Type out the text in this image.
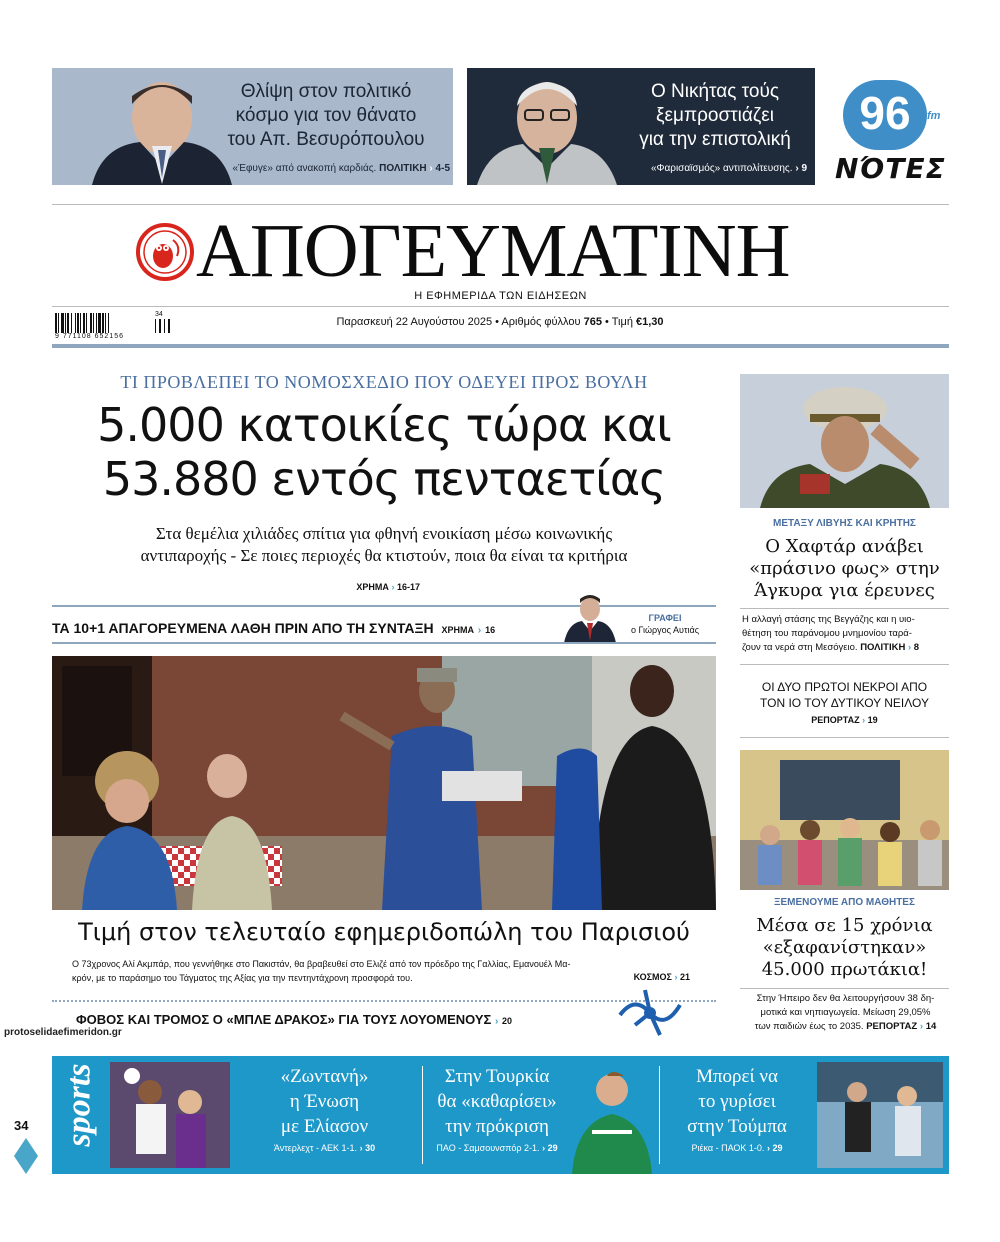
Θλίψη στον πολιτικό
κόσμο για τον θάνατο
του Απ. Βεσυρόπουλου
«Έφυγε» από ανακοπή καρδιάς. ΠΟΛΙΤΙΚΗ › 4-5
Ο Νικήτας τούς
ξεμπροστιάζει
για την επιστολική
«Φαρισαϊσμός» αντιπολίτευσης. › 9
96	fm
ΝΌΤΕΣ
ΑΠΟΓΕΥΜΑΤΙΝΗ
Η ΕΦΗΜΕΡΙΔΑ ΤΩΝ ΕΙΔΗΣΕΩΝ
9 771108 652156
34
Παρασκευή 22 Αυγούστου 2025 • Αριθμός φύλλου 765 • Τιμή €1,30
ΤΙ ΠΡΟΒΛΕΠΕΙ ΤΟ ΝΟΜΟΣΧΕΔΙΟ ΠΟΥ ΟΔΕΥΕΙ ΠΡΟΣ ΒΟΥΛΗ
5.000 κατοικίες τώρα και
53.880 εντός πενταετίας
Στα θεμέλια χιλιάδες σπίτια για φθηνή ενοικίαση μέσω κοινωνικής
αντιπαροχής - Σε ποιες περιοχές θα κτιστούν, ποια θα είναι τα κριτήρια
ΧΡΗΜΑ › 16-17
ΤΑ 10+1 ΑΠΑΓΟΡΕΥΜΕΝΑ ΛΑΘΗ ΠΡΙΝ ΑΠΟ ΤΗ ΣΥΝΤΑΞΗ ΧΡΗΜΑ › 16
ΓΡΑΦΕΙ
ο Γιώργος Αυτιάς
Τιμή στον τελευταίο εφημεριδοπώλη του Παρισιού
Ο 73χρονος Αλί Ακμπάρ, που γεννήθηκε στο Πακιστάν, θα βραβευθεί στο Ελιζέ από τον πρόεδρο της Γαλλίας, Εμανουέλ Μα-
κρόν, με το παράσημο του Τάγματος της Αξίας για την πεντηντάχρονη προσφορά του.	ΚΟΣΜΟΣ › 21
ΦΟΒΟΣ ΚΑΙ ΤΡΟΜΟΣ Ο «ΜΠΛΕ ΔΡΑΚΟΣ» ΓΙΑ ΤΟΥΣ ΛΟΥΟΜΕΝΟΥΣ › 20
ΜΕΤΑΞΥ ΛΙΒΥΗΣ ΚΑΙ ΚΡΗΤΗΣ
Ο Χαφτάρ ανάβει
«πράσινο φως» στην
Άγκυρα για έρευνες
Η αλλαγή στάσης της Βεγγάζης και η υιο-
θέτηση του παράνομου μνημονίου ταρά-
ζουν τα νερά στη Μεσόγειο. ΠΟΛΙΤΙΚΗ › 8
ΟΙ ΔΥΟ ΠΡΩΤΟΙ ΝΕΚΡΟΙ ΑΠΟ
ΤΟΝ ΙΟ ΤΟΥ ΔΥΤΙΚΟΥ ΝΕΙΛΟΥ
ΡΕΠΟΡΤΑΖ › 19
ΞΕΜΕΝΟΥΜΕ ΑΠΟ ΜΑΘΗΤΕΣ
Μέσα σε 15 χρόνια
«εξαφανίστηκαν»
45.000 πρωτάκια!
Στην Ήπειρο δεν θα λειτουργήσουν 38 δη-
μοτικά και νηπιαγωγεία. Μείωση 29,05%
των παιδιών έως το 2035. ΡΕΠΟΡΤΑΖ › 14
protoselidaefimeridon.gr
34 sports	«Ζωντανή»
η Ένωση
με Ελίασον
Άντερλεχτ - ΑΕΚ 1-1. › 30
Στην Τουρκία
θα «καθαρίσει»
την πρόκριση
ΠΑΟ - Σαμσουνσπόρ 2-1. › 29
Μπορεί να
το γυρίσει
στην Τούμπα
Ριέκα - ΠΑΟΚ 1-0. › 29
